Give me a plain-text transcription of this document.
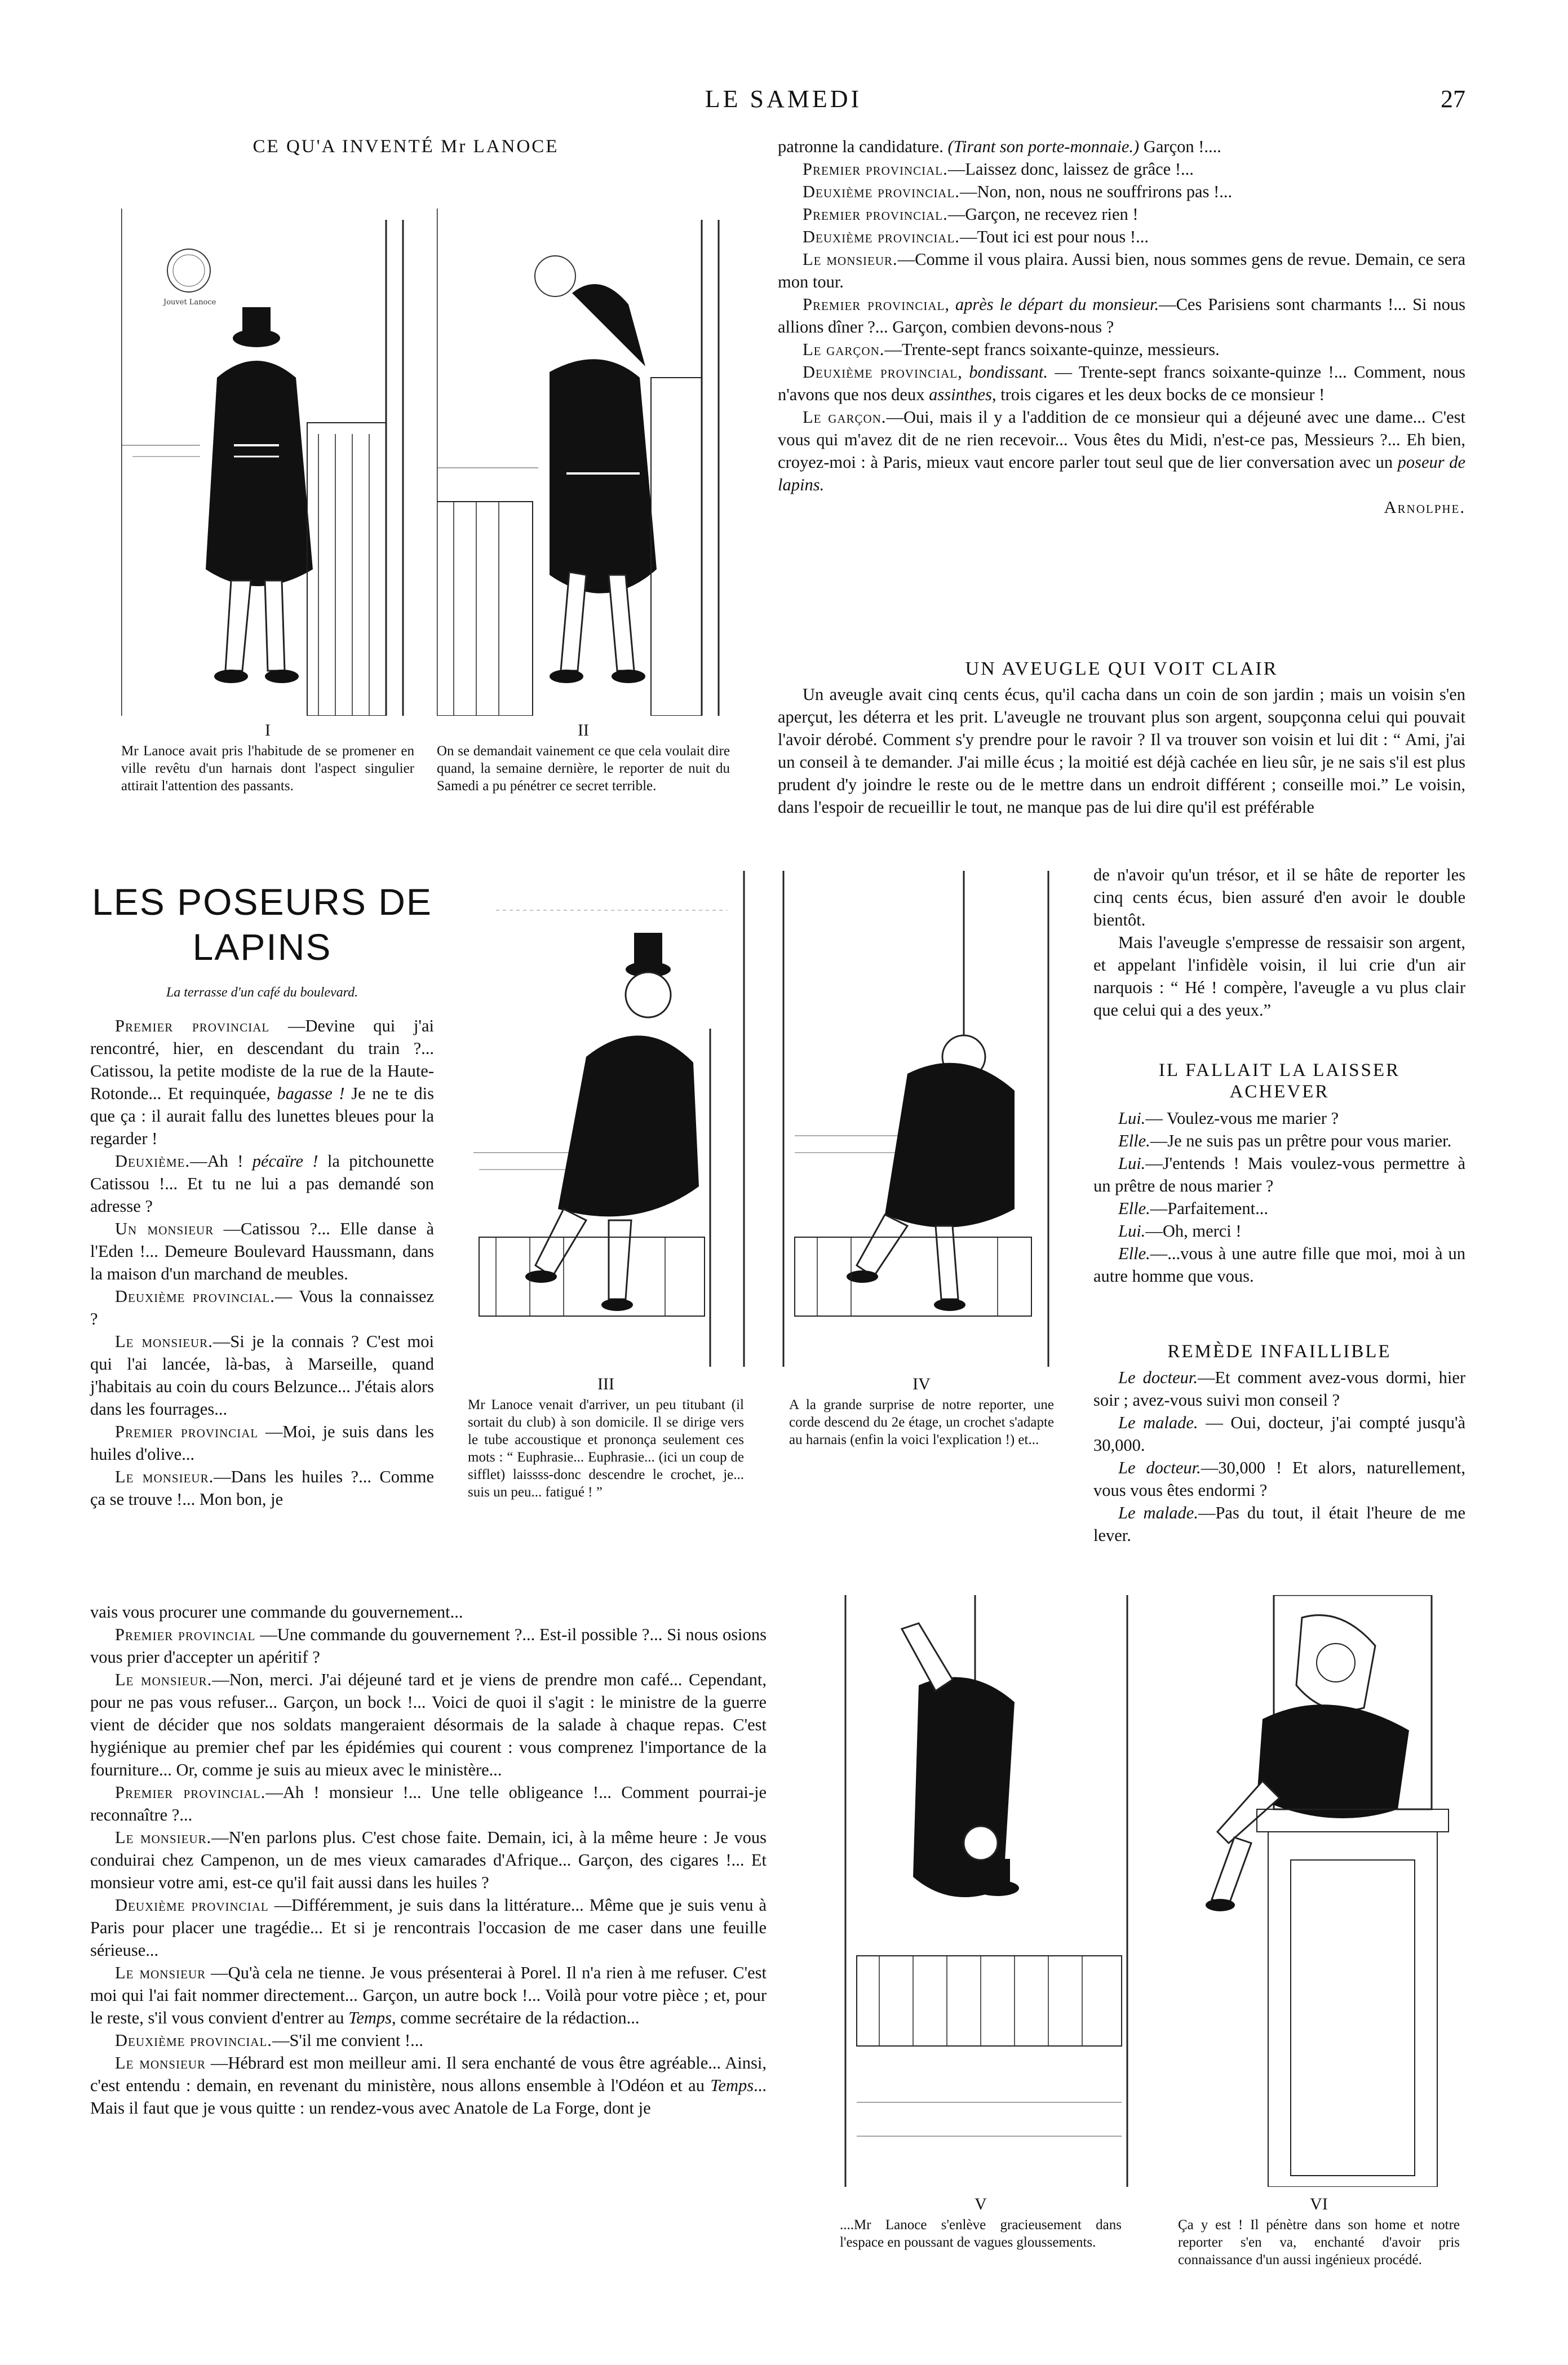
LE SAMEDI	27
CE QU'A INVENTÉ Mr LANOCE
Jouvet Lanoce
I
Mr Lanoce avait pris l'habitude de se promener en ville revêtu d'un harnais dont l'aspect singulier attirait l'attention des passants.
II
On se demandait vainement ce que cela voulait dire quand, la semaine dernière, le reporter de nuit du Samedi a pu pénétrer ce secret terrible.
LES POSEURS DE
LAPINS
La terrasse d'un café du boulevard.

Premier provincial —Devine qui j'ai rencontré, hier, en descendant du train ?... Catissou, la petite modiste de la rue de la Haute-Rotonde... Et requinquée, bagasse ! Je ne te dis que ça : il aurait fallu des lunettes bleues pour la regarder !

Deuxième.—Ah ! pécaïre ! la pitchounette Catissou !... Et tu ne lui a pas demandé son adresse ?

Un monsieur —Catissou ?... Elle danse à l'Eden !... Demeure Boulevard Haussmann, dans la maison d'un marchand de meubles.

Deuxième provincial.— Vous la connaissez ?

Le monsieur.—Si je la connais ? C'est moi qui l'ai lancée, là-bas, à Marseille, quand j'habitais au coin du cours Belzunce... J'étais alors dans les fourrages...

Premier provincial —Moi, je suis dans les huiles d'olive...

Le monsieur.—Dans les huiles ?... Comme ça se trouve !... Mon bon, je

III
Mr Lanoce venait d'arriver, un peu titubant (il sortait du club) à son domicile. Il se dirige vers le tube accoustique et prononça seulement ces mots : “ Euphrasie... Euphrasie... (ici un coup de sifflet) laissss-donc descendre le crochet, je... suis un peu... fatigué ! ”
IV
A la grande surprise de notre reporter, une corde descend du 2e étage, un crochet s'adapte au harnais (enfin la voici l'explication !) et...

vais vous procurer une commande du gouvernement...

Premier provincial —Une commande du gouvernement ?... Est-il possible ?... Si nous osions vous prier d'accepter un apéritif ?

Le monsieur.—Non, merci. J'ai déjeuné tard et je viens de prendre mon café... Cependant, pour ne pas vous refuser... Garçon, un bock !... Voici de quoi il s'agit : le ministre de la guerre vient de décider que nos soldats mangeraient désormais de la salade à chaque repas. C'est hygiénique au premier chef par les épidémies qui courent : vous comprenez l'importance de la fourniture... Or, comme je suis au mieux avec le ministère...

Premier provincial.—Ah ! monsieur !... Une telle obligeance !... Comment pourrai-je reconnaître ?...

Le monsieur.—N'en parlons plus. C'est chose faite. Demain, ici, à la même heure : Je vous conduirai chez Campenon, un de mes vieux camarades d'Afrique... Garçon, des cigares !... Et monsieur votre ami, est-ce qu'il fait aussi dans les huiles ?

Deuxième provincial —Différemment, je suis dans la littérature... Même que je suis venu à Paris pour placer une tragédie... Et si je rencontrais l'occasion de me caser dans une feuille sérieuse...

Le monsieur —Qu'à cela ne tienne. Je vous présenterai à Porel. Il n'a rien à me refuser. C'est moi qui l'ai fait nommer directement... Garçon, un autre bock !... Voilà pour votre pièce ; et, pour le reste, s'il vous convient d'entrer au Temps, comme secrétaire de la rédaction...

Deuxième provincial.—S'il me convient !...

Le monsieur —Hébrard est mon meilleur ami. Il sera enchanté de vous être agréable... Ainsi, c'est entendu : demain, en revenant du ministère, nous allons ensemble à l'Odéon et au Temps... Mais il faut que je vous quitte : un rendez-vous avec Anatole de La Forge, dont je

patronne la candidature. (Tirant son porte-monnaie.) Garçon !....

Premier provincial.—Laissez donc, laissez de grâce !...

Deuxième provincial.—Non, non, nous ne souffrirons pas !...

Premier provincial.—Garçon, ne recevez rien !

Deuxième provincial.—Tout ici est pour nous !...

Le monsieur.—Comme il vous plaira. Aussi bien, nous sommes gens de revue. Demain, ce sera mon tour.

Premier provincial, après le départ du monsieur.—Ces Parisiens sont charmants !... Si nous allions dîner ?... Garçon, combien devons-nous ?

Le garçon.—Trente-sept francs soixante-quinze, messieurs.

Deuxième provincial, bondissant. — Trente-sept francs soixante-quinze !... Comment, nous n'avons que nos deux assinthes, trois cigares et les deux bocks de ce monsieur !

Le garçon.—Oui, mais il y a l'addition de ce monsieur qui a déjeuné avec une dame... C'est vous qui m'avez dit de ne rien recevoir... Vous êtes du Midi, n'est-ce pas, Messieurs ?... Eh bien, croyez-moi : à Paris, mieux vaut encore parler tout seul que de lier conversation avec un poseur de lapins.

Arnolphe.

UN AVEUGLE QUI VOIT CLAIR

Un aveugle avait cinq cents écus, qu'il cacha dans un coin de son jardin ; mais un voisin s'en aperçut, les déterra et les prit. L'aveugle ne trouvant plus son argent, soupçonna celui qui pouvait l'avoir dérobé. Comment s'y prendre pour le ravoir ? Il va trouver son voisin et lui dit : “ Ami, j'ai un conseil à te demander. J'ai mille écus ; la moitié est déjà cachée en lieu sûr, je ne sais s'il est plus prudent d'y joindre le reste ou de le mettre dans un endroit différent ; conseille moi.” Le voisin, dans l'espoir de recueillir le tout, ne manque pas de lui dire qu'il est préférable

de n'avoir qu'un trésor, et il se hâte de reporter les cinq cents écus, bien assuré d'en avoir le double bientôt.

Mais l'aveugle s'empresse de ressaisir son argent, et appelant l'infidèle voisin, il lui crie d'un air narquois : “ Hé ! compère, l'aveugle a vu plus clair que celui qui a des yeux.”

IL FALLAIT LA LAISSER
ACHEVER

Lui.— Voulez-vous me marier ?

Elle.—Je ne suis pas un prêtre pour vous marier.

Lui.—J'entends ! Mais voulez-vous permettre à un prêtre de nous marier ?

Elle.—Parfaitement...

Lui.—Oh, merci !

Elle.—...vous à une autre fille que moi, moi à un autre homme que vous.

REMÈDE INFAILLIBLE

Le docteur.—Et comment avez-vous dormi, hier soir ; avez-vous suivi mon conseil ?

Le malade. — Oui, docteur, j'ai compté jusqu'à 30,000.

Le docteur.—30,000 ! Et alors, naturellement, vous vous êtes endormi ?

Le malade.—Pas du tout, il était l'heure de me lever.

V
....Mr Lanoce s'enlève gracieusement dans l'espace en poussant de vagues gloussements.
VI
Ça y est ! Il pénètre dans son home et notre reporter s'en va, enchanté d'avoir pris connaissance d'un aussi ingénieux procédé.
